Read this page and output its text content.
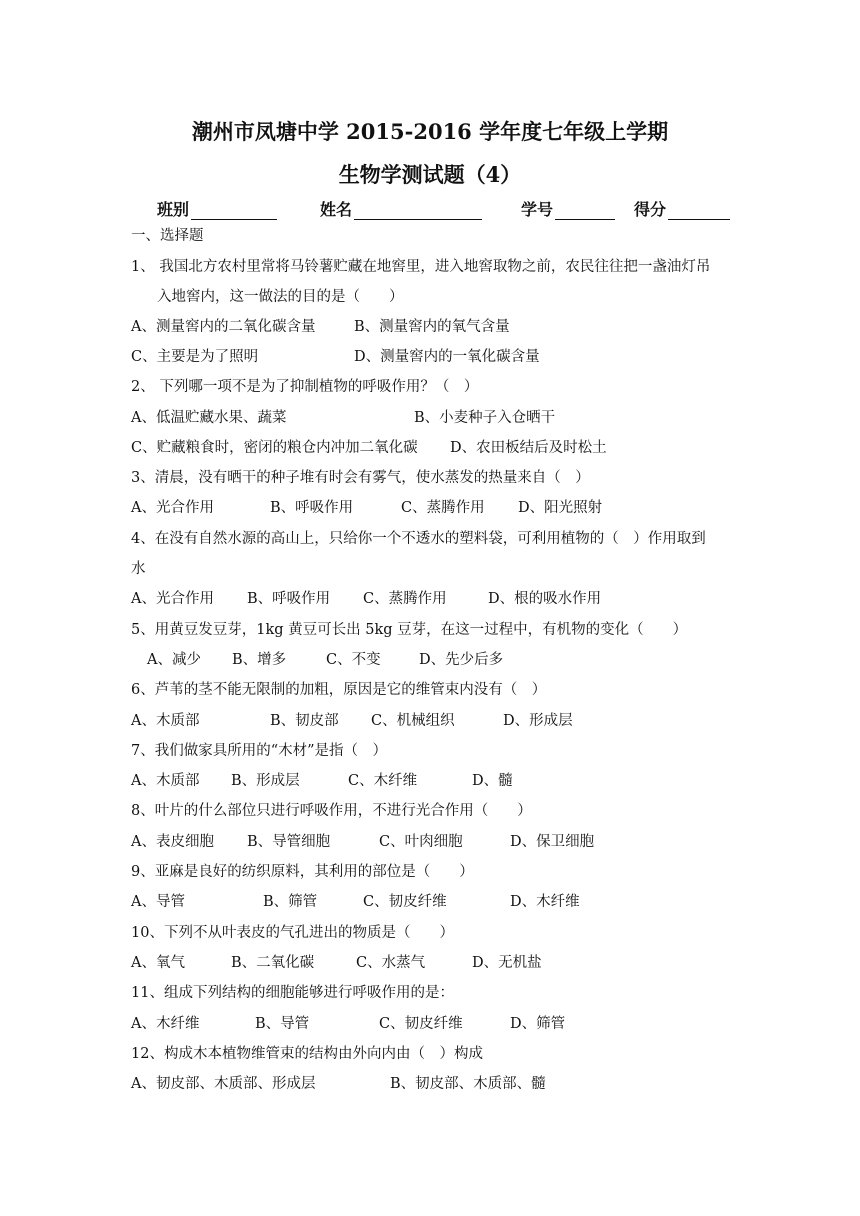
潮州市凤塘中学 2015-2016 学年度七年级上学期
生物学测试题（4）
班别	姓名	学号	得分
一、选择题
1、 我国北方农村里常将马铃薯贮藏在地窖里，进入地窖取物之前，农民往往把一盏油灯吊
入地窖内，这一做法的目的是（　　）
A、测量窖内的二氧化碳含量	B、测量窖内的氧气含量
C、主要是为了照明	D、测量窖内的一氧化碳含量
2、 下列哪一项不是为了抑制植物的呼吸作用？（　）
A、低温贮藏水果、蔬菜	B、小麦种子入仓晒干
C、贮藏粮食时，密闭的粮仓内冲加二氧化碳 D、农田板结后及时松土
3、清晨，没有晒干的种子堆有时会有雾气，使水蒸发的热量来自（　）
A、光合作用	B、呼吸作用	C、蒸腾作用 D、阳光照射
4、在没有自然水源的高山上，只给你一个不透水的塑料袋，可利用植物的（　）作用取到
水
A、光合作用 B、呼吸作用 C、蒸腾作用	D、根的吸水作用
5、用黄豆发豆芽，1kg 黄豆可长出 5kg 豆芽，在这一过程中，有机物的变化（　　）
A、减少 B、增多	C、不变	D、先少后多
6、芦苇的茎不能无限制的加粗，原因是它的维管束内没有（　）
A、木质部	B、韧皮部 C、机械组织	D、形成层
7、我们做家具所用的“木材”是指（　）
A、木质部 B、形成层	C、木纤维	D、髓
8、叶片的什么部位只进行呼吸作用，不进行光合作用（　　）
A、表皮细胞 B、导管细胞	C、叶肉细胞	D、保卫细胞
9、亚麻是良好的纺织原料，其利用的部位是（　　）
A、导管	B、筛管	C、韧皮纤维	D、木纤维
10、下列不从叶表皮的气孔进出的物质是（　　）
A、氧气	B、二氧化碳	C、水蒸气	D、无机盐
11、组成下列结构的细胞能够进行呼吸作用的是：
A、木纤维	B、导管	C、韧皮纤维	D、筛管
12、构成木本植物维管束的结构由外向内由（　）构成
A、韧皮部、木质部、形成层	B、韧皮部、木质部、髓
